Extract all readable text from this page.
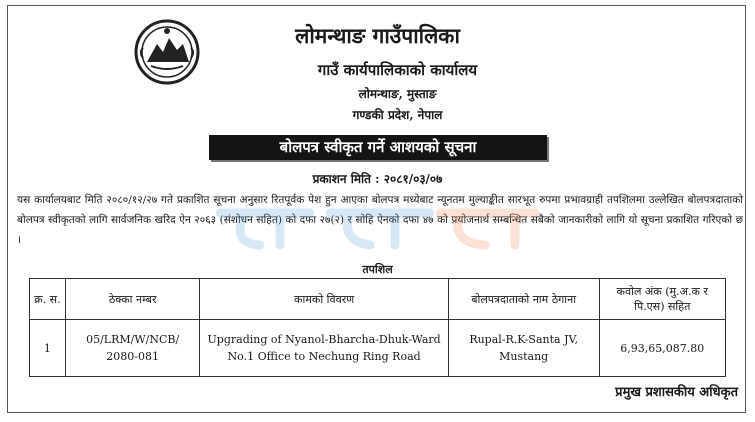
लोमन्थाङ गाउँपालिका
गाउँ कार्यपालिकाको कार्यालय
लोमन्थाङ, मुस्ताङ
गण्डकी प्रदेश, नेपाल
बोलपत्र स्वीकृत गर्ने आशयको सूचना
प्रकाशन मिति : २०८१/०३/०७
यस कार्यालयबाट मिति २०८०/१२/२७ गते प्रकाशित सूचना अनुसार रितपूर्वक पेश हुन आएका बोलपत्र मध्येबाट न्यूनतम मुल्याङ्कीत सारभूत रुपमा प्रभावग्राही तपशिलमा उल्लेखित बोलपत्रदाताको बोलपत्र स्वीकृतको लागि सार्वजनिक खरिद ऐन २०६३ (संशोधन सहित) को दफा २७(२) र सोहि ऐनको दफा ४७ को प्रयोजनार्थ सम्बन्धित सबैको जानकारीको लागि यो सूचना प्रकाशित गरिएको छ ।
तपशिल
क्र. स.	ठेक्का नम्बर	कामको विवरण	बोलपत्रदाताको नाम ठेगाना	कवोल अंक (मु.अ.क र पि.एस) सहित
1	05/LRM/W/NCB/ 2080-081	Upgrading of Nyanol-Bharcha-Dhuk-Ward No.1 Office to Nechung Ring Road	Rupal-R.K-Santa JV, Mustang	6,93,65,087.80
प्रमुख प्रशासकीय अधिकृत
